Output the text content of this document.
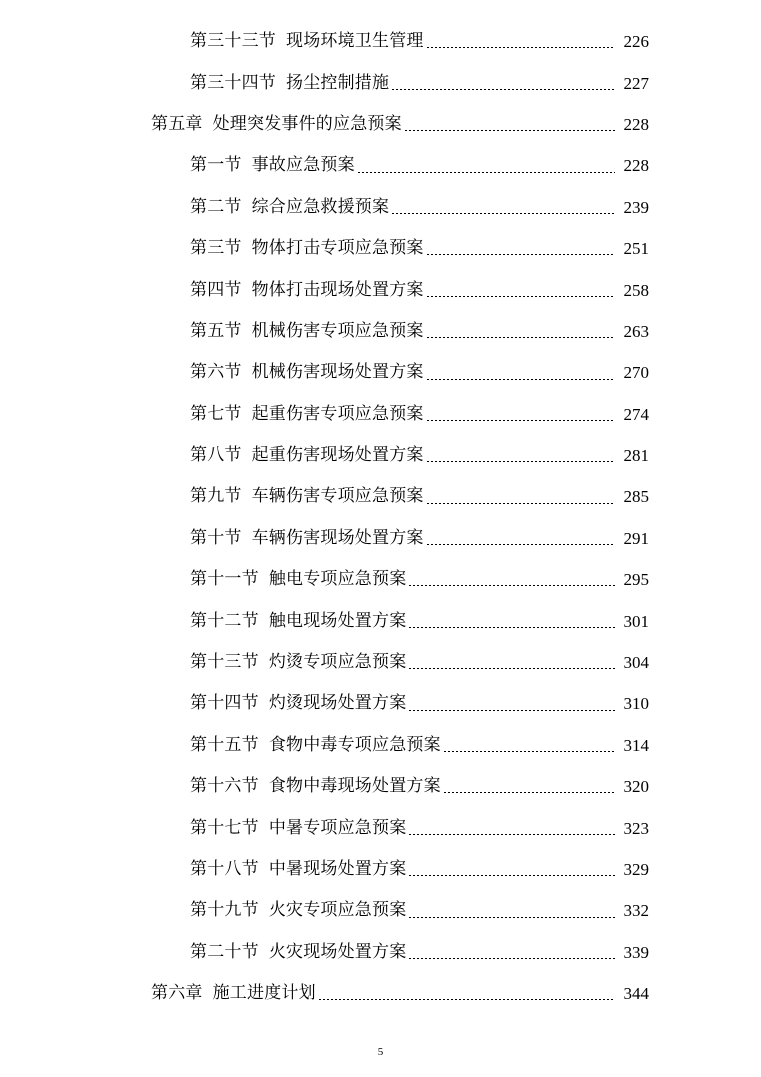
第三十三节 现场环境卫生管理	226
第三十四节 扬尘控制措施	227
第五章 处理突发事件的应急预案	228
第一节 事故应急预案	228
第二节 综合应急救援预案	239
第三节 物体打击专项应急预案	251
第四节 物体打击现场处置方案	258
第五节 机械伤害专项应急预案	263
第六节 机械伤害现场处置方案	270
第七节 起重伤害专项应急预案	274
第八节 起重伤害现场处置方案	281
第九节 车辆伤害专项应急预案	285
第十节 车辆伤害现场处置方案	291
第十一节 触电专项应急预案	295
第十二节 触电现场处置方案	301
第十三节 灼烫专项应急预案	304
第十四节 灼烫现场处置方案	310
第十五节 食物中毒专项应急预案	314
第十六节 食物中毒现场处置方案	320
第十七节 中暑专项应急预案	323
第十八节 中暑现场处置方案	329
第十九节 火灾专项应急预案	332
第二十节 火灾现场处置方案	339
第六章 施工进度计划	344
5
